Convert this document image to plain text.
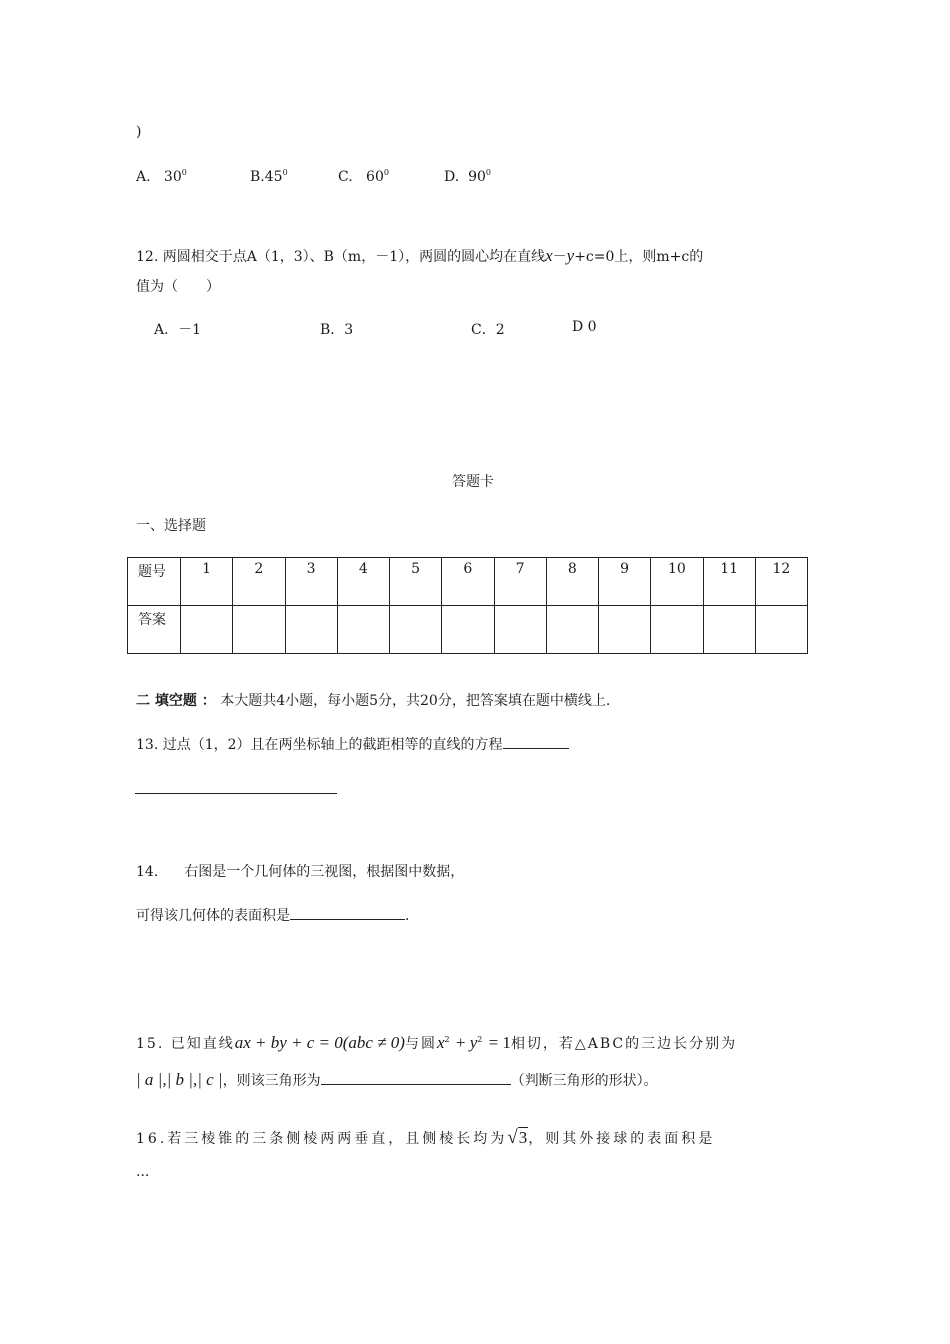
)
A. $30^0$	$B.45^0$	C. $60^0$	D. $90^0$
12. 两圆相交于点A（1，3）、B（m，－1），两圆的圆心均在直线x－y+c=0上，则m+c的
值为（　　）
A．－1	B．3	C．2	D 0
答题卡
一、选择题
题号	1	2	3	4	5	6	7	8	9	10	11	12
答案												
二 填空题 ： 本大题共4小题，每小题5分，共20分，把答案填在题中横线上.
13. 过点（1，2）且在两坐标轴上的截距相等的直线的方程
14. 右图是一个几何体的三视图，根据图中数据，
可得该几何体的表面积是	.
15. 已知直线ax + by + c = 0(abc ≠ 0)与圆$x^2 + y^2 = 1$相切，若△ABC的三边长分别为
| a |,| b |,| c |，则该三角形为	（判断三角形的形状）。
16.若三棱锥的三条侧棱两两垂直，且侧棱长均为√3，则其外接球的表面积是
...
